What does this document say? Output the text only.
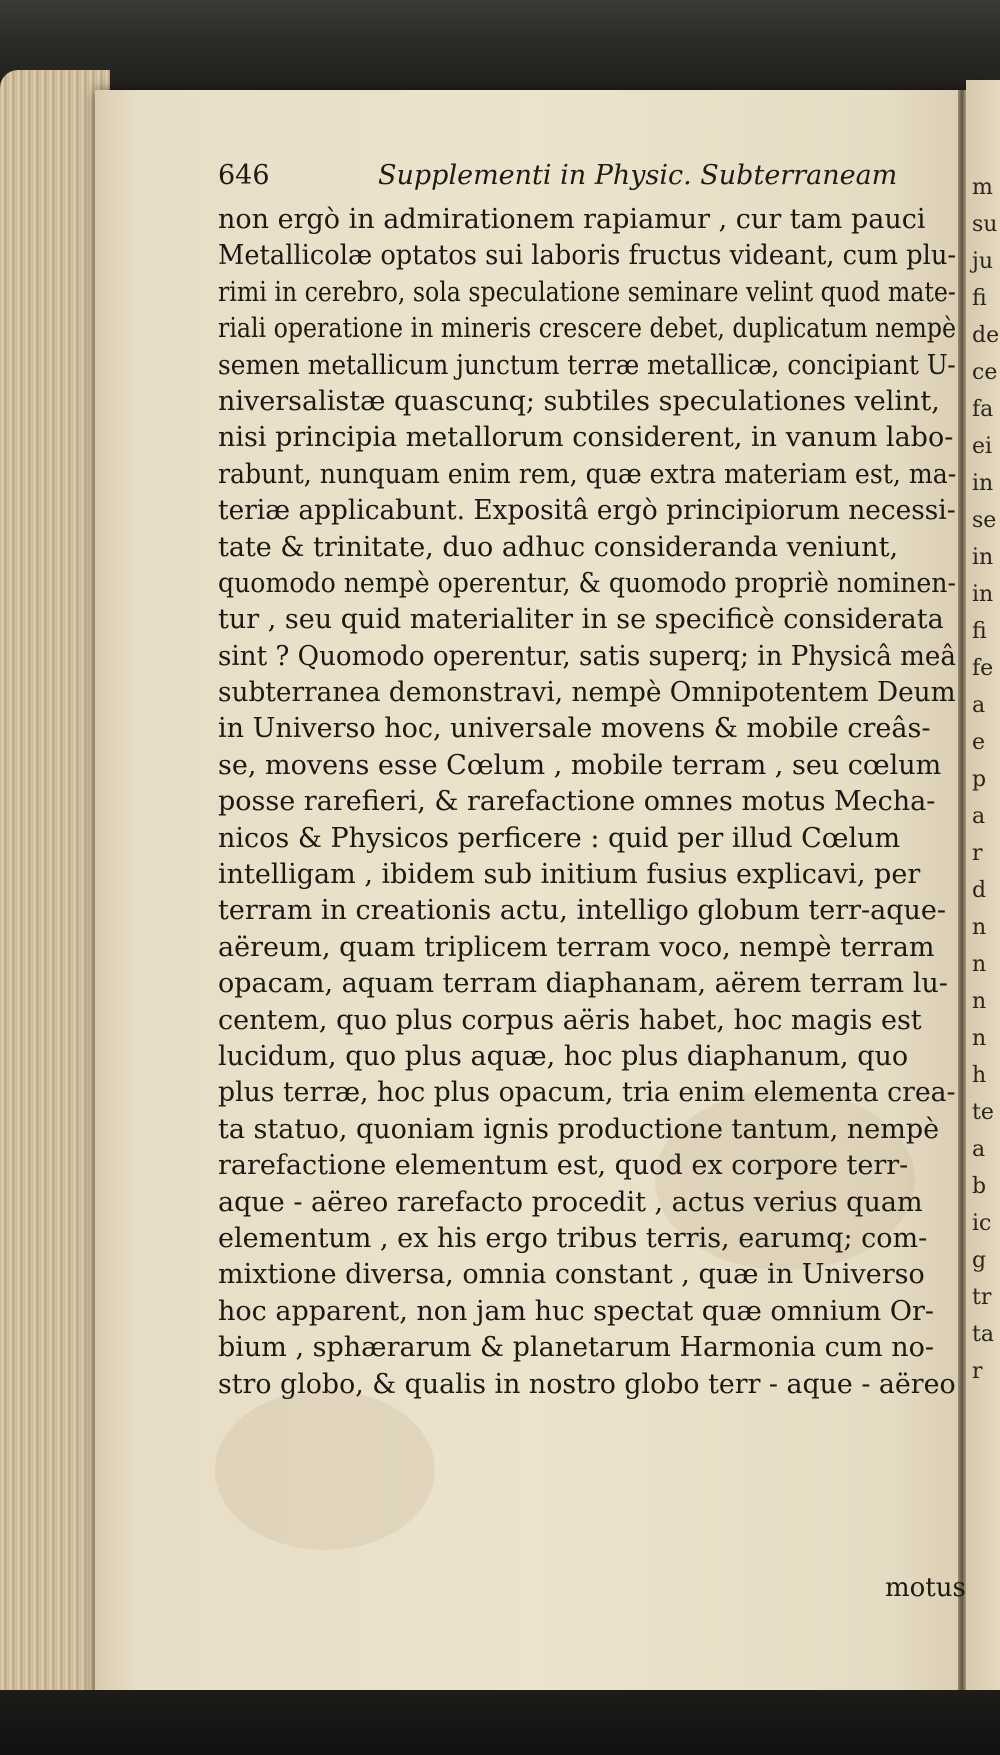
m
su
ju
fi
de
ce
fa
ei
in
se
in
in
fi
fe
a
e
p
a
r
d
n
n
n
n
h
te
a
b
ic
g
tr
ta
r
646	Supplementi in Physic. Subterraneam
non ergò in admirationem rapiamur , cur tam pauci
Metallicolæ optatos sui laboris fructus videant, cum plu-
rimi in cerebro, sola speculatione seminare velint quod mate-
riali operatione in mineris crescere debet, duplicatum nempè
semen metallicum junctum terræ metallicæ, concipiant U-
niversalistæ quascunq; subtiles speculationes velint,
nisi principia metallorum considerent, in vanum labo-
rabunt, nunquam enim rem, quæ extra materiam est, ma-
teriæ applicabunt. Expositâ ergò principiorum necessi-
tate & trinitate, duo adhuc consideranda veniunt,
quomodo nempè operentur, & quomodo propriè nominen-
tur , seu quid materialiter in se specificè considerata
sint ? Quomodo operentur, satis superq; in Physicâ meâ
subterranea demonstravi, nempè Omnipotentem Deum
in Universo hoc, universale movens & mobile creâs-
se, movens esse Cœlum , mobile terram , seu cœlum
posse rarefieri, & rarefactione omnes motus Mecha-
nicos & Physicos perficere : quid per illud Cœlum
intelligam , ibidem sub initium fusius explicavi, per
terram in creationis actu, intelligo globum terr-aque-
aëreum, quam triplicem terram voco, nempè terram
opacam, aquam terram diaphanam, aërem terram lu-
centem, quo plus corpus aëris habet, hoc magis est
lucidum, quo plus aquæ, hoc plus diaphanum, quo
plus terræ, hoc plus opacum, tria enim elementa crea-
ta statuo, quoniam ignis productione tantum, nempè
rarefactione elementum est, quod ex corpore terr-
aque - aëreo rarefacto procedit , actus verius quam
elementum , ex his ergo tribus terris, earumq; com-
mixtione diversa, omnia constant , quæ in Universo
hoc apparent, non jam huc spectat quæ omnium Or-
bium , sphærarum & planetarum Harmonia cum no-
stro globo, & qualis in nostro globo terr - aque - aëreo
motus
